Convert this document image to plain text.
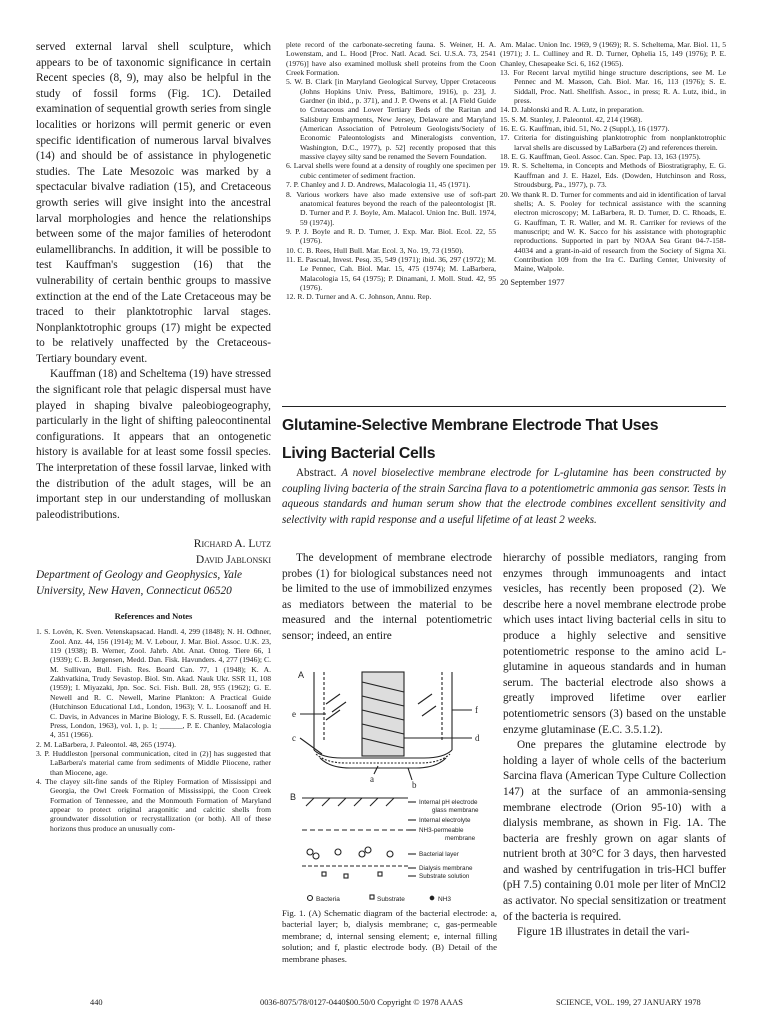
served external larval shell sculpture, which appears to be of taxonomic significance in certain Recent species (8, 9), may also be helpful in the study of fossil forms (Fig. 1C). Detailed examination of sequential growth series from single localities or horizons will permit generic or even specific identification of numerous larval bivalves (14) and should be of assistance in phylogenetic studies. The Late Mesozoic was marked by a spectacular bivalve radiation (15), and Cretaceous growth series will give insight into the ancestral larval morphologies and hence the relationships between some of the major families of heterodont eulamellibranchs. In addition, it will be possible to test Kauffman's suggestion (16) that the vulnerability of certain benthic groups to massive extinction at the end of the Late Cretaceous may be traced to their planktotrophic larval stages. Nonplanktotrophic groups (17) might be expected to be relatively unaffected by the Cretaceous-Tertiary boundary event.

Kauffman (18) and Scheltema (19) have stressed the significant role that pelagic dispersal must have played in shaping bivalve paleobiogeography, particularly in the light of shifting paleocontinental configurations. It appears that an ontogenetic history is available for at least some fossil species. The interpretation of these fossil larvae, linked with the distribution of the adult stages, will be an important step in our understanding of molluskan paleodistributions.

Richard A. Lutz

David Jablonski

Department of Geology and Geophysics, Yale University, New Haven, Connecticut 06520

References and Notes

1. S. Lovén, K. Sven. Vetenskapsacad. Handl. 4, 299 (1848); N. H. Odhner, Zool. Anz. 44, 156 (1914); M. V. Lebour, J. Mar. Biol. Assoc. U.K. 23, 119 (1938); B. Werner, Zool. Jahrb. Abt. Anat. Ontog. Tiere 66, 1 (1939); C. B. Jørgensen, Medd. Dan. Fisk. Havunders. 4, 277 (1946); C. M. Sullivan, Bull. Fish. Res. Board Can. 77, 1 (1948); K. A. Zakhvatkina, Trudy Sevastop. Biol. Stn. Akad. Nauk Ukr. SSR 11, 108 (1959); I. Miyazaki, Jpn. Soc. Sci. Fish. Bull. 28, 955 (1962); G. E. Newell and R. C. Newell, Marine Plankton: A Practical Guide (Hutchinson Educational Ltd., London, 1963); V. L. Loosanoff and H. C. Davis, in Advances in Marine Biology, F. S. Russell, Ed. (Academic Press, London, 1963), vol. 1, p. 1; ______, P. E. Chanley, Malacologia 4, 351 (1966).

2. M. LaBarbera, J. Paleontol. 48, 265 (1974).

3. P. Huddleston [personal communication, cited in (2)] has suggested that LaBarbera's material came from sediments of Middle Pliocene, rather than Miocene, age.

4. The clayey silt-fine sands of the Ripley Formation of Mississippi and Georgia, the Owl Creek Formation of Mississippi, the Coon Creek Formation of Tennessee, and the Monmouth Formation of Maryland appear to protect original aragonitic and calcitic shells from groundwater dissolution or recrystallization (or both). All of these horizons thus produce an unusually com-

plete record of the carbonate-secreting fauna. S. Weiner, H. A. Lowenstam, and L. Hood [Proc. Natl. Acad. Sci. U.S.A. 73, 2541 (1976)] have also examined mollusk shell proteins from the Coon Creek Formation.

5. W. B. Clark [in Maryland Geological Survey, Upper Cretaceous (Johns Hopkins Univ. Press, Baltimore, 1916), p. 23], J. Gardner (in ibid., p. 371), and J. P. Owens et al. [A Field Guide to Cretaceous and Lower Tertiary Beds of the Raritan and Salisbury Embayments, New Jersey, Delaware and Maryland (American Association of Petroleum Geologists/Society of Economic Paleontologists and Mineralogists convention, Washington, D.C., 1977), p. 52] recently proposed that this massive clayey silty sand be renamed the Severn Foundation.

6. Larval shells were found at a density of roughly one specimen per cubic centimeter of sediment fraction.

7. P. Chanley and J. D. Andrews, Malacologia 11, 45 (1971).

8. Various workers have also made extensive use of soft-part anatomical features beyond the reach of the paleontologist [R. D. Turner and P. J. Boyle, Am. Malacol. Union Inc. Bull. 1974, 59 (1974)].

9. P. J. Boyle and R. D. Turner, J. Exp. Mar. Biol. Ecol. 22, 55 (1976).

10. C. B. Rees, Hull Bull. Mar. Ecol. 3, No. 19, 73 (1950).

11. E. Pascual, Invest. Pesq. 35, 549 (1971); ibid. 36, 297 (1972); M. Le Pennec, Cah. Biol. Mar. 15, 475 (1974); M. LaBarbera, Malacologia 15, 64 (1975); P. Dinamani, J. Moll. Stud. 42, 95 (1976).

12. R. D. Turner and A. C. Johnson, Annu. Rep.

Am. Malac. Union Inc. 1969, 9 (1969); R. S. Scheltema, Mar. Biol. 11, 5 (1971); J. L. Culliney and R. D. Turner, Ophelia 15, 149 (1976); P. E. Chanley, Chesapeake Sci. 6, 162 (1965).

13. For Recent larval mytilid hinge structure descriptions, see M. Le Pennec and M. Masson, Cah. Biol. Mar. 16, 113 (1976); S. E. Siddall, Proc. Natl. Shellfish. Assoc., in press; R. A. Lutz, ibid., in press.

14. D. Jablonski and R. A. Lutz, in preparation.

15. S. M. Stanley, J. Paleontol. 42, 214 (1968).

16. E. G. Kauffman, ibid. 51, No. 2 (Suppl.), 16 (1977).

17. Criteria for distinguishing planktotrophic from nonplanktotrophic larval shells are discussed by LaBarbera (2) and references therein.

18. E. G. Kauffman, Geol. Assoc. Can. Spec. Pap. 13, 163 (1975).

19. R. S. Scheltema, in Concepts and Methods of Biostratigraphy, E. G. Kauffman and J. E. Hazel, Eds. (Dowden, Hutchinson and Ross, Stroudsburg, Pa., 1977), p. 73.

20. We thank R. D. Turner for comments and aid in identification of larval shells; A. S. Pooley for technical assistance with the scanning electron microscopy; M. LaBarbera, R. D. Turner, D. C. Rhoads, E. G. Kauffman, T. R. Waller, and M. R. Carriker for reviews of the manuscript; and W. K. Sacco for his assistance with photographic reproductions. Supported in part by NOAA Sea Grant 04-7-158-44034 and a grant-in-aid of research from the Society of Sigma Xi. Contribution 109 from the Ira C. Darling Center, University of Maine, Walpole.

20 September 1977

Glutamine-Selective Membrane Electrode That Uses

Living Bacterial Cells

Abstract. A novel bioselective membrane electrode for L-glutamine has been constructed by coupling living bacteria of the strain Sarcina flava to a potentiometric ammonia gas sensor. Tests in aqueous standards and human serum show that the electrode combines excellent sensitivity and selectivity with rapid response and a useful lifetime of at least 2 weeks.

The development of membrane electrode probes (1) for biological substances need not be limited to the use of immobilized enzymes as mediators between the material to be measured and the internal potentiometric sensor; indeed, an entire

A
e
c
f
d
a
b
B
Internal pH electrode
glass membrane
Internal electrolyte
NH3-permeable
membrane
Bacterial layer
Dialysis membrane
Substrate solution
Bacteria	Substrate	NH3

Fig. 1. (A) Schematic diagram of the bacterial electrode: a, bacterial layer; b, dialysis membrane; c, gas-permeable membrane; d, internal sensing element; e, internal filling solution; and f, plastic electrode body. (B) Detail of the membrane phases.

hierarchy of possible mediators, ranging from enzymes through immunoagents and intact vesicles, has recently been proposed (2). We describe here a novel membrane electrode probe which uses intact living bacterial cells in situ to produce a highly selective and sensitive potentiometric response to the amino acid L-glutamine in aqueous standards and in human serum. The bacterial electrode also shows a greatly improved lifetime over earlier potentiometric sensors (3) based on the unstable enzyme glutaminase (E.C. 3.5.1.2).

One prepares the glutamine electrode by holding a layer of whole cells of the bacterium Sarcina flava (American Type Culture Collection 147) at the surface of an ammonia-sensing membrane electrode (Orion 95-10) with a dialysis membrane, as shown in Fig. 1A. The bacteria are freshly grown on agar slants of nutrient broth at 30°C for 3 days, then harvested and washed by centrifugation in tris-HCl buffer (pH 7.5) containing 0.01 mole per liter of MnCl2 as activator. No special sensitization or treatment of the bacteria is required.

Figure 1B illustrates in detail the vari-

440	0036-8075/78/0127-0440$00.50/0 Copyright © 1978 AAAS	SCIENCE, VOL. 199, 27 JANUARY 1978
